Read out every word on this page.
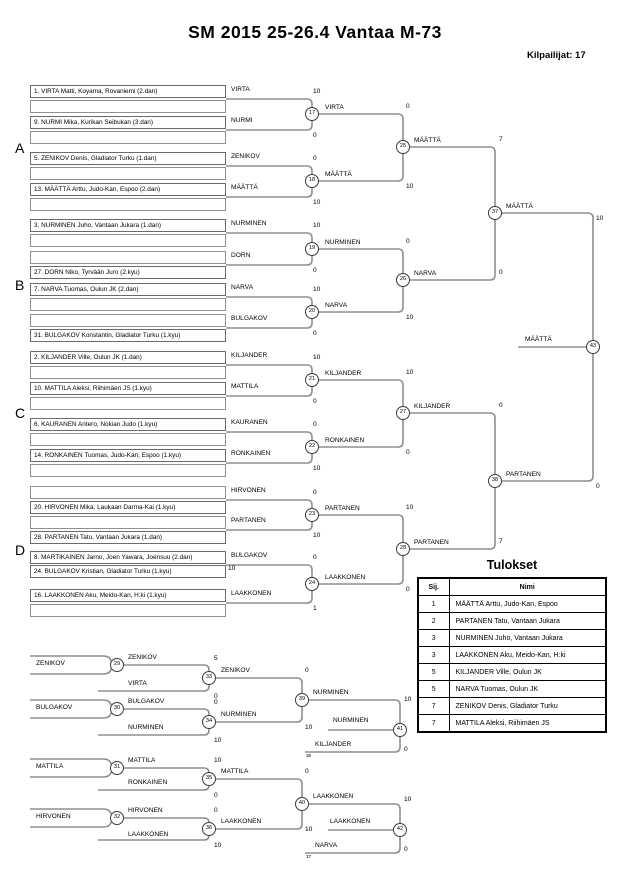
SM 2015 25-26.4 Vantaa M-73
Kilpailijat: 17
A
B
C
D
1. VIRTA Matti, Koyama, Rovaniemi (2.dan)
9. NURMI Mika, Kurikan Seibukan (3.dan)
5. ZENIKOV Denis, Gladiator Turku (1.dan)
13. MÄÄTTÄ Arttu, Judo-Kan, Espoo (2.dan)
3. NURMINEN Juho, Vantaan Jukara (1.dan)
27. DORN Niko, Tyrvään Juro (2.kyu)
7. NARVA Tuomas, Oulun JK (2.dan)
31. BULGAKOV Konstantin, Gladiator Turku (1.kyu)
2. KILJANDER Ville, Oulun JK (1.dan)
10. MATTILA Aleksi, Riihimäen JS (1.kyu)
6. KAURANEN Antero, Nokian Judo (1.kyu)
14. RONKAINEN Tuomas, Judo-Kan, Espoo (1.kyu)
20. HIRVONEN Mika, Laukaan Darma-Kai (1.kyu)
28. PARTANEN Tatu, Vantaan Jukara (1.dan)
8. MARTIKAINEN Jarno, Joen Yawara, Joensuu (2.dan)
24. BULGAKOV Kristian, Gladiator Turku (1.kyu)
16. LAAKKONEN Aku, Meido-Kan, H:ki (1.kyu)
VIRTA
NURMI
ZENIKOV
MÄÄTTÄ
NURMINEN
DORN
NARVA
BULGAKOV
KILJANDER
MATTILA
KAURANEN
RONKAINEN
HIRVONEN
PARTANEN
BULGAKOV
10
LAAKKONEN
VIRTA
10
0
MÄÄTTÄ
0
10
NURMINEN
10
0
NARVA
10
0
KILJANDER
10
0
RONKAINEN
0
10
PARTANEN
0
10
LAAKKONEN
0
1
MÄÄTTÄ
0
10
7
NARVA
0
10
0
KILJANDER
10
0
0
PARTANEN
10
0
7
MÄÄTTÄ
10
PARTANEN
0
MÄÄTTÄ
ZENIKOV
ZENIKOV
VIRTA
5
0
ZENIKOV
BULGAKOV
BULGAKOV
NURMINEN
0
10
NURMINEN
0
10
NURMINEN
10
NURMINEN
KILJANDER
38
0
MATTILA
MATTILA
RONKAINEN
10
0
MATTILA
HIRVONEN
HIRVONEN
LAAKKONEN
0
10
LAAKKONEN
0
10
LAAKKONEN	10
LAAKKONEN
NARVA
37
0
17
18
19
20
21
22
23
24
25
26
27
28
37
38
43
29
30
33
34
39
41
31
32
35
36
40
42
Tulokset
Sij.	Nimi
1	MÄÄTTÄ Arttu, Judo-Kan, Espoo
2	PARTANEN Tatu, Vantaan Jukara
3	NURMINEN Juho, Vantaan Jukara
3	LAAKKONEN Aku, Meido-Kan, H:ki
5	KILJANDER Ville, Oulun JK
5	NARVA Tuomas, Oulun JK
7	ZENIKOV Denis, Gladiator Turku
7	MATTILA Aleksi, Riihimäen JS
